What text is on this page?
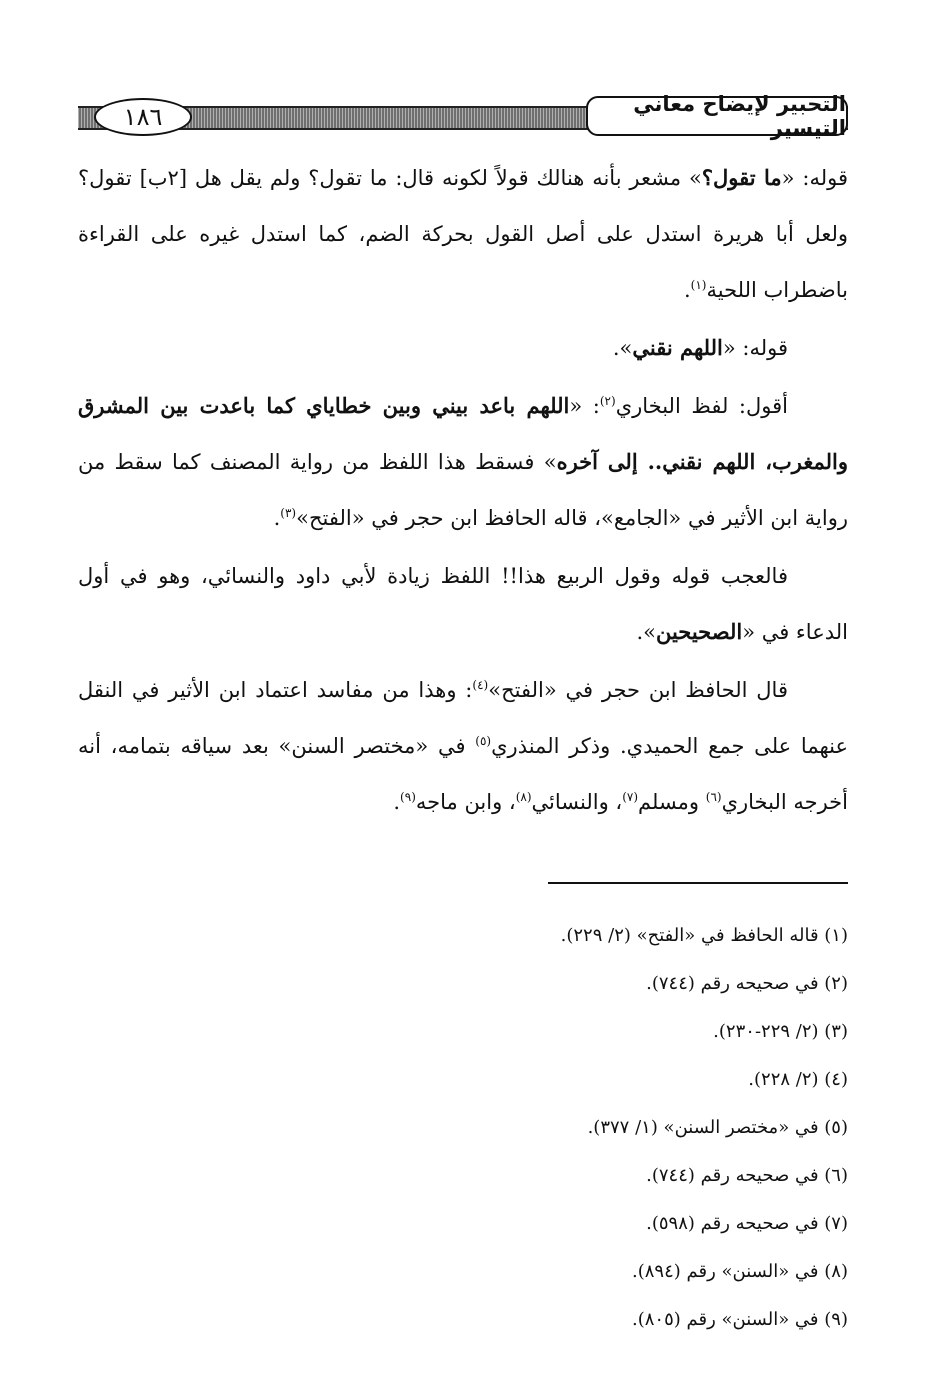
التحبير لإيضاح معاني التيسير
١٨٦

قوله: «ما تقول؟» مشعر بأنه هنالك قولاً لكونه قال: ما تقول؟ ولم يقل هل [٢ب] تقول؟ ولعل أبا هريرة استدل على أصل القول بحركة الضم، كما استدل غيره على القراءة باضطراب اللحية$^{(١)}$.

قوله: «اللهم نقني».

أقول: لفظ البخاري$^{(٢)}$: «اللهم باعد بيني وبين خطاياي كما باعدت بين المشرق والمغرب، اللهم نقني.. إلى آخره» فسقط هذا اللفظ من رواية المصنف كما سقط من رواية ابن الأثير في «الجامع»، قاله الحافظ ابن حجر في «الفتح»$^{(٣)}$.

فالعجب قوله وقول الربيع هذا!! اللفظ زيادة لأبي داود والنسائي، وهو في أول الدعاء في «الصحيحين».

قال الحافظ ابن حجر في «الفتح»$^{(٤)}$: وهذا من مفاسد اعتماد ابن الأثير في النقل عنهما على جمع الحميدي. وذكر المنذري$^{(٥)}$ في «مختصر السنن» بعد سياقه بتمامه، أنه أخرجه البخاري$^{(٦)}$ ومسلم$^{(٧)}$، والنسائي$^{(٨)}$، وابن ماجه$^{(٩)}$.

(١) قاله الحافظ في «الفتح» (٢/ ٢٢٩).
(٢) في صحيحه رقم (٧٤٤).
(٣) (٢/ ٢٢٩-٢٣٠).
(٤) (٢/ ٢٢٨).
(٥) في «مختصر السنن» (١/ ٣٧٧).
(٦) في صحيحه رقم (٧٤٤).
(٧) في صحيحه رقم (٥٩٨).
(٨) في «السنن» رقم (٨٩٤).
(٩) في «السنن» رقم (٨٠٥).
